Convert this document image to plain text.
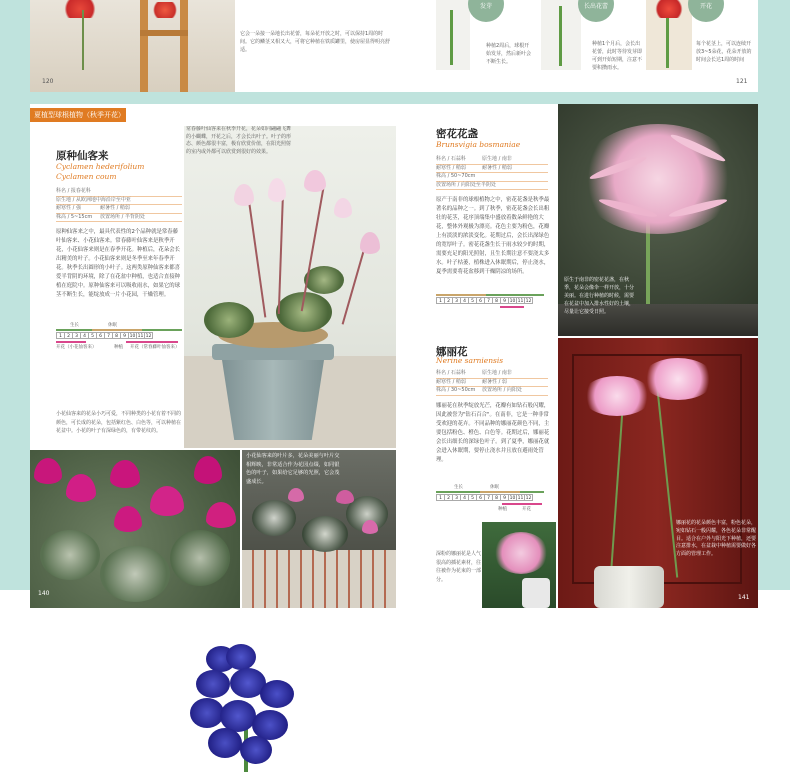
120
它会一朵接一朵地长出花蕾，每朵花开放之时，可以保持1周的时间。它的鳞茎又相又大，可将它种植在铁质罐里，使房屋显得明亮舒适。
发芽	长出花蕾	开花
种植2周后，球根开始发芽，然后新叶会不断生长。
种植1个月后，会长出花蕾，此时等待发芽即可到开始短期，注意不要积攒雨水。
每个花茎上，可以连续开放3~5朵花，花朵开放的时间会长达1周的时间
121
夏植型球根植物（秋季开花）
原种仙客来
Cyclamen hederifolium
Cyclamen coum
科名 / 报春花科
原生地 / 从欧洲地中海沿岸至中亚
耐寒性 / 强	耐暑性 / 稍弱
株高 / 5~15cm	放置场所 / 半背阴处
原种仙客来之中，最具代表性的2个品种就是常春藤叶仙客来、小花仙客来。常春藤叶仙客来是秋季开花，小花仙客来则是在春季开花。种植后，花朵会长出精美的叶子。小花仙客来则是冬季至来年春季开花。秋季长出圆形的小叶子。这两类原种仙客来都喜爱半背阴的环境，除了在花盆中种植，也适合直接种植在庭院中。原种仙客来可以吸收雨水，如果它的球茎不断生长，能绽放成一片小花园，干燥管理。
生长	休眠
1	2	3	4	5	6	7	8	9 10 11 12
开花（小花仙客来）	种植 开花（常春藤叶仙客来）
常春藤叶仙客来在秋季开花，花朵如同翩翩飞舞的小蝴蝶，开花之后，才会长出叶子。叶子的形态、颜色都很丰富，极有欣赏价值，在阳光照射的室内或外都可以欣赏到很好的效果。
小花仙客来的花朵小巧可爱，不同种类的小花有着不同的颜色，可长成的花朵，包括紫红色、白色等，可以种植在花盆中。小花的叶子有深绿色的，有带花纹的。
140
小花仙客来的叶片多，花朵美丽与叶片交相辉映，非常适合作为花园点缀，如同银色的叶子，如果给它足够的光照，它会茂盛成长。
密花花盏
Brunsvigia bosmaniae
科名 / 石蒜科	原生地 / 南非
耐寒性 / 稍弱	耐暑性 / 稍弱
株高 / 50~70cm
放置场所 / 向阳处至半阴处
原产于南非的球根植物之中，密花花盏是秋季最著名的品种之一。到了秋季，密花花盏会长出粗壮的花茎，花序顶端集中盛放着数朵鲜艳的大花，整体外观极为漂亮。花色主要为粉色，花瓣上有淡淡的浓淡变化。花期过后，会长出深绿色的宽厚叶子。密花花盏生长于雨水较少的时期，需要充足的阳光照射，且生长期注意不要浇太多水。叶子枯萎，植株进入休眠期后，停止浇水，夏季需要将花盆移到干燥阴凉的场所。
1	2	3	4	5	6	7	8	9 10 11 12
原生于南非的密花花盏，在秋季，花朵会像伞一样开放，十分美丽。在进行种植的时候，需要在花盆中加入排水性好的土壤，尽量让它接受日照。
娜丽花
Nerine sarniensis
科名 / 石蒜科	原生地 / 南非
耐寒性 / 稍弱	耐暑性 / 弱
株高 / 30~50cm	放置场所 / 向阳处
娜丽花在秋季绽放光芒，花瓣有如钻石般闪耀，因此被誉为"钻石百合"。在南非，它是一种非常受欢迎的花卉。不同品种的娜丽花颜色不同，主要包括粉色、橙色、白色等。花期过后，娜丽花会长出细长的深绿色叶子。到了夏季，娜丽花就会进入休眠期，要停止浇水并且放在避雨处管理。
生长	休眠
1	2	3	4	5	6	7	8	9 10 11 12
种植	开花
深粉的娜丽花是人气很高的插花素材，往往被作为花束的一部分。
娜丽花的花朵颜色丰富，粉色花朵，宛如钻石一般闪耀，各色花朵非常醒目。适合在户外与阳光下种植，还要注意排水，在盆栽中种植需要做好各方面的管理工作。
141
